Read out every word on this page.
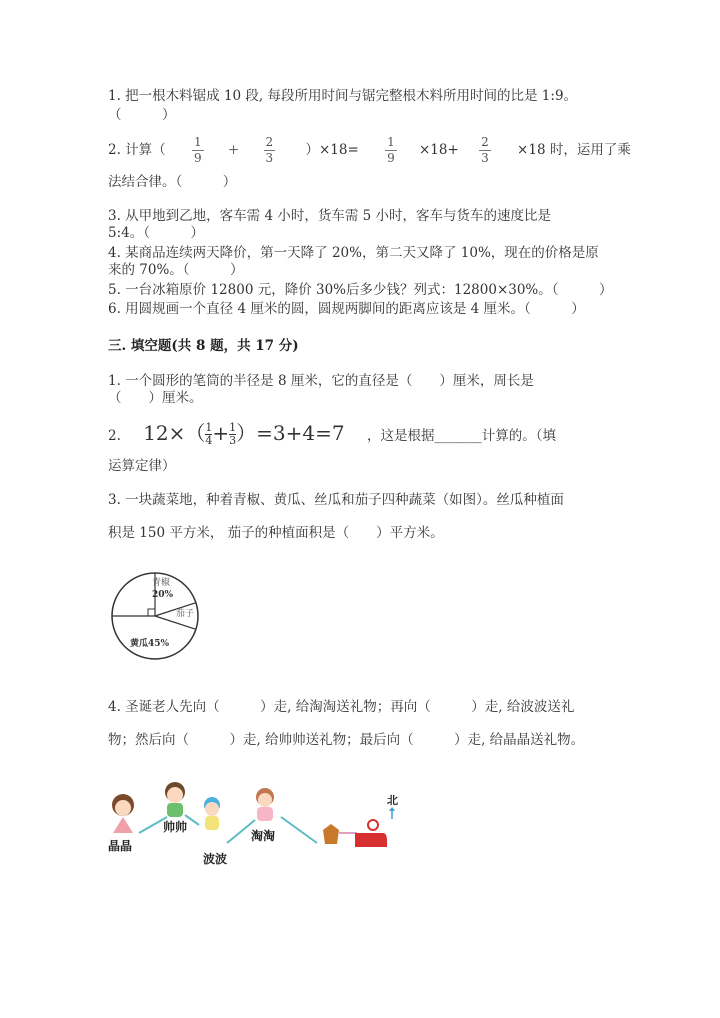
1. 把一根木料锯成 10 段, 每段所用时间与锯完整根木料所用时间的比是 1:9。
（　　　）
2. 计算（ $\frac{1}{9} + \frac{2}{3} )\times 18= \frac{1}{9} \times 18+ \frac{2}{3} \times 18$ 时，运用了乘
法结合律。（　　　）
3. 从甲地到乙地，客车需 4 小时，货车需 5 小时，客车与货车的速度比是
5:4。（　　　）
4. 某商品连续两天降价，第一天降了 20%，第二天又降了 10%，现在的价格是原
来的 70%。（　　　）
5. 一台冰箱原价 12800 元，降价 30%后多少钱？列式：12800×30%。（　　　）
6. 用圆规画一个直径 4 厘米的圆，圆规两脚间的距离应该是 4 厘米。（　　　）
三. 填空题(共 8 题，共 17 分)
1. 一个圆形的笔筒的半径是 8 厘米，它的直径是（　　）厘米，周长是
（　　）厘米。
2. $12\times( \frac{1}{4} + \frac{1}{3} )=3+4=7$ ，这是根据_______计算的。（填
运算定律）
3. 一块蔬菜地，种着青椒、黄瓜、丝瓜和茄子四种蔬菜（如图）。丝瓜种植面
积是 150 平方米， 茄子的种植面积是（　　）平方米。
青椒
20%
茄子
黄瓜45%
4. 圣诞老人先向（　　　）走, 给淘淘送礼物；再向（　　　）走, 给波波送礼
物；然后向（　　　）走, 给帅帅送礼物；最后向（　　　）走, 给晶晶送礼物。
晶晶
帅帅
波波
淘淘
北
